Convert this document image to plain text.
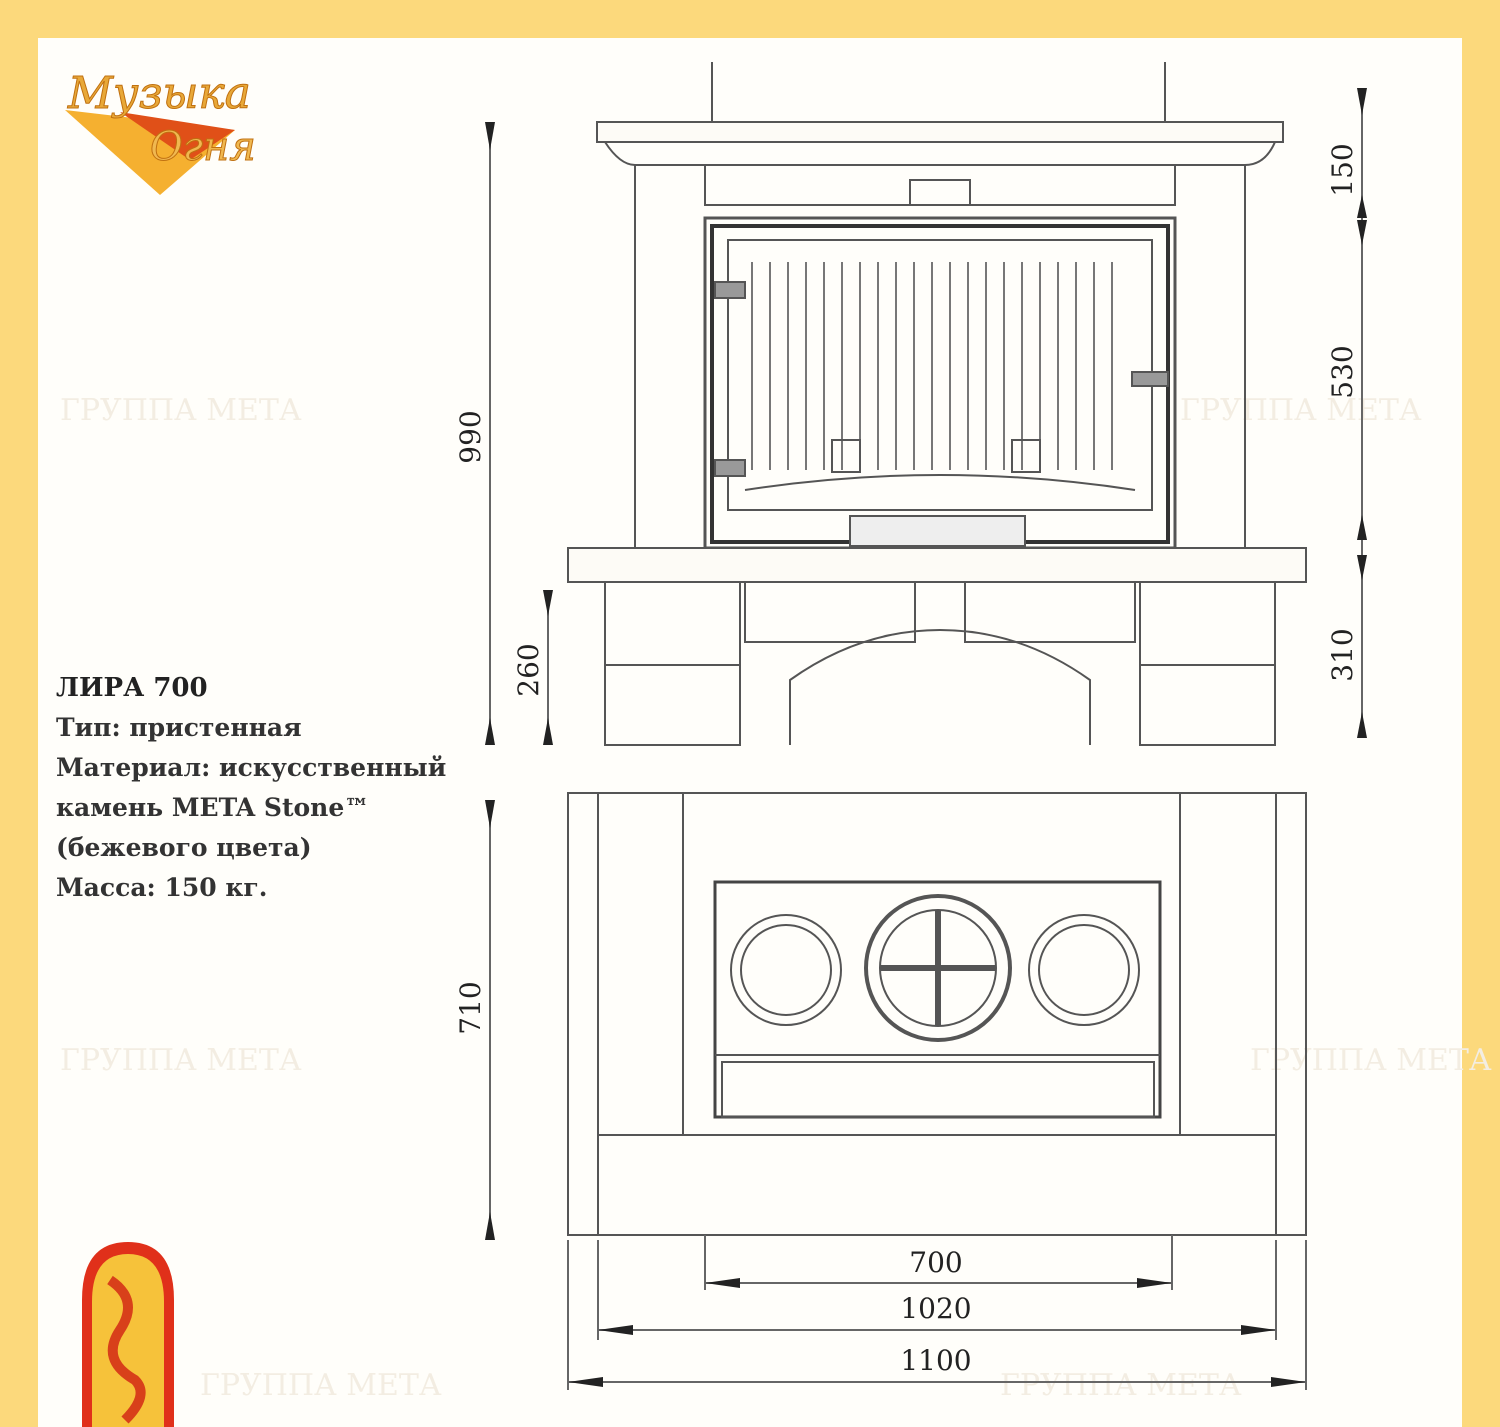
ГРУППА МЕТА	ГРУППА МЕТА
ГРУППА МЕТА	ГРУППА МЕТА
ГРУППА МЕТА	ГРУППА МЕТА
150
530
310
990
260
710
700
1020
1100
Музыка
Огня
ЛИРА 700
Тип: пристенная
Материал: искусственный
камень META Stone™
(бежевого цвета)
Масса: 150 кг.
